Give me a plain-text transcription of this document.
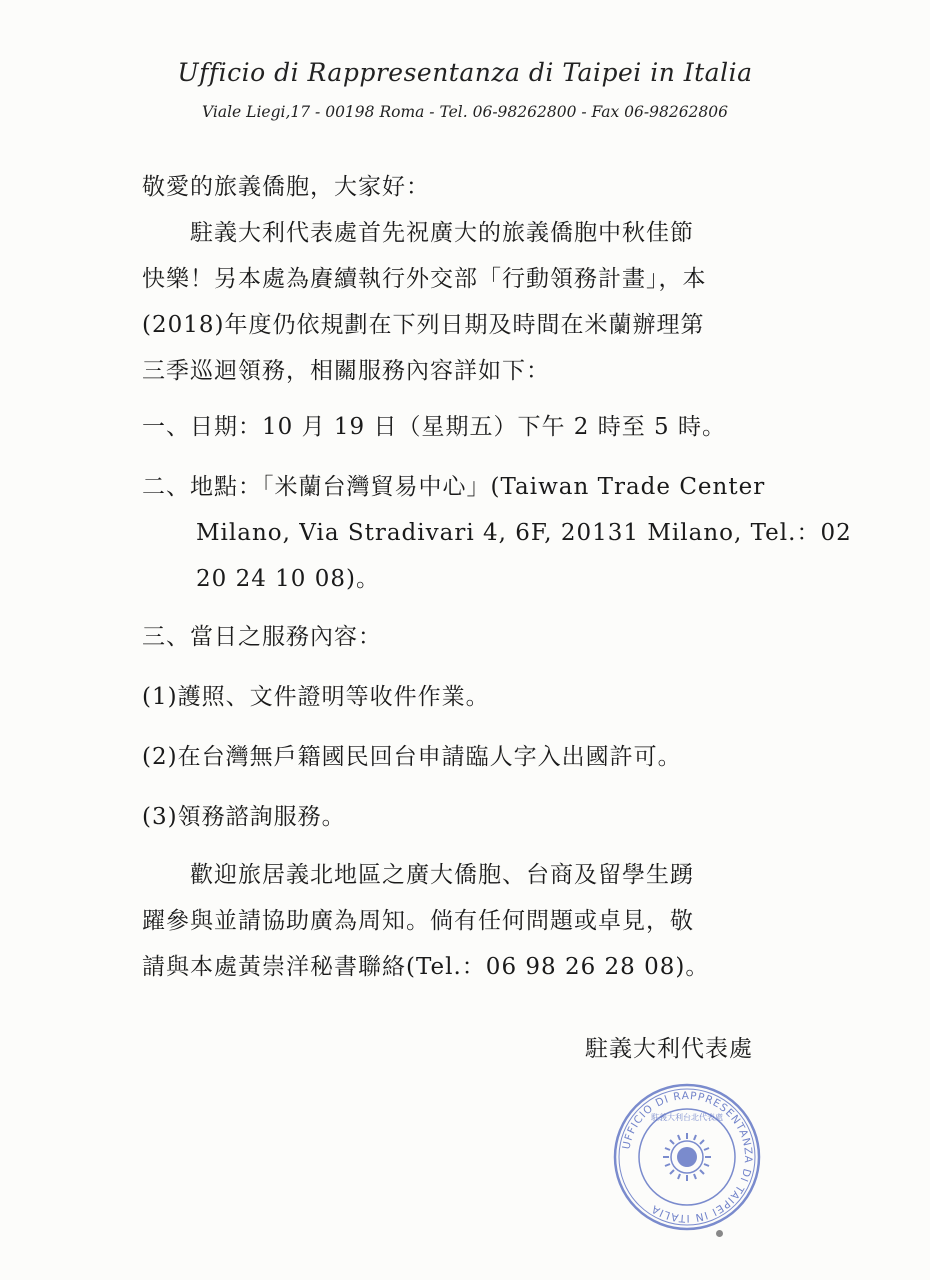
Ufficio di Rappresentanza di Taipei in Italia
Viale Liegi,17 - 00198 Roma - Tel. 06-98262800 - Fax 06-98262806
敬愛的旅義僑胞，大家好：
　　駐義大利代表處首先祝廣大的旅義僑胞中秋佳節
快樂！另本處為賡續執行外交部「行動領務計畫」，本
(2018)年度仍依規劃在下列日期及時間在米蘭辦理第
三季巡迴領務，相關服務內容詳如下：
一、日期：10 月 19 日（星期五）下午 2 時至 5 時。
二、地點：「米蘭台灣貿易中心」(Taiwan Trade Center
Milano, Via Stradivari 4, 6F, 20131 Milano, Tel.：02
20 24 10 08)。
三、當日之服務內容：
(1)護照、文件證明等收件作業。
(2)在台灣無戶籍國民回台申請臨人字入出國許可。
(3)領務諮詢服務。
　　歡迎旅居義北地區之廣大僑胞、台商及留學生踴
躍參與並請協助廣為周知。倘有任何問題或卓見，敬
請與本處黃崇洋秘書聯絡(Tel.：06 98 26 28 08)。
駐義大利代表處
UFFICIO DI RAPPRESENTANZA DI TAIPEI IN ITALIA
駐義大利台北代表處
